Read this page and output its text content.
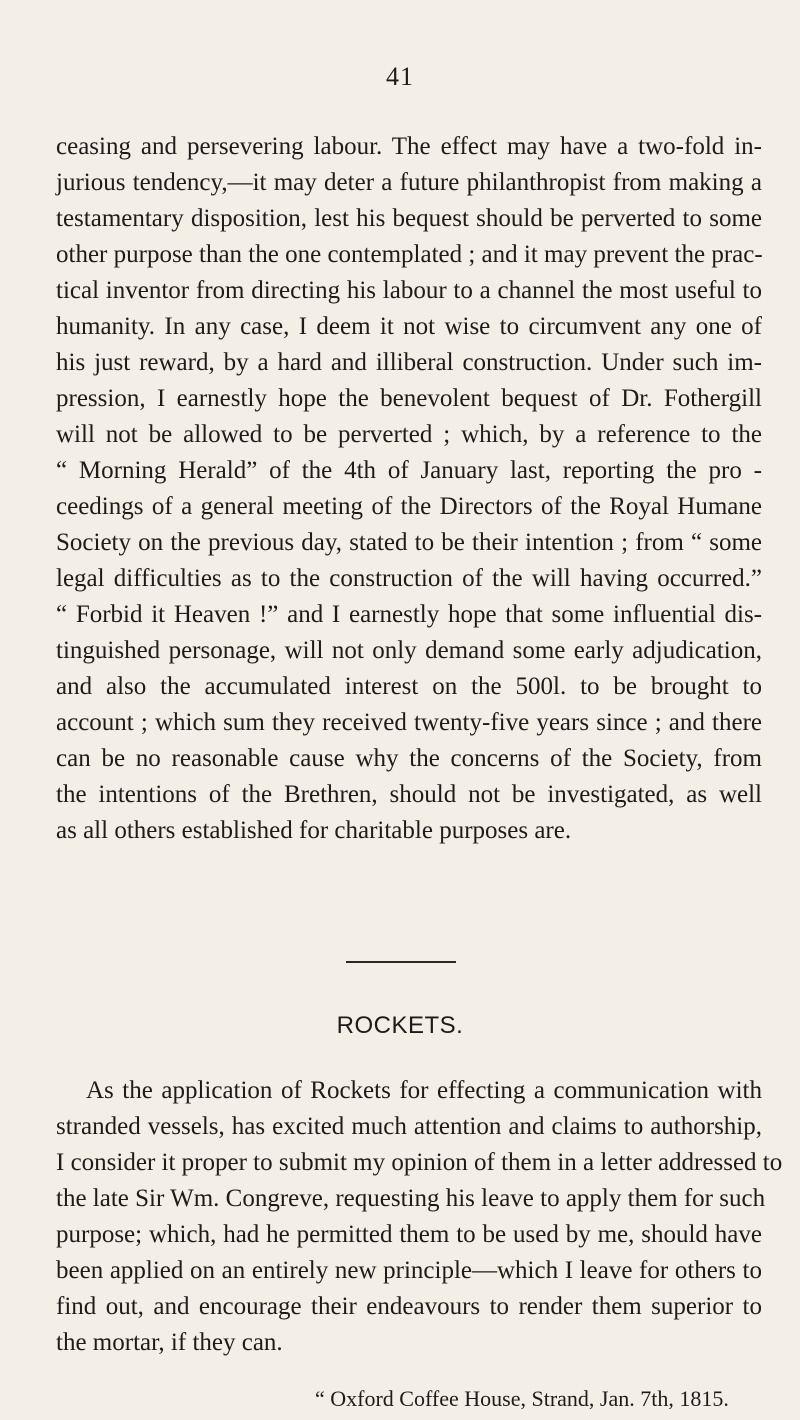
41
ceasing and persevering labour. The effect may have a two-fold in-
jurious tendency,—it may deter a future philanthropist from making a
testamentary disposition, lest his bequest should be perverted to some
other purpose than the one contemplated ; and it may prevent the prac-
tical inventor from directing his labour to a channel the most useful to
humanity. In any case, I deem it not wise to circumvent any one of
his just reward, by a hard and illiberal construction. Under such im-
pression, I earnestly hope the benevolent bequest of Dr. Fothergill
will not be allowed to be perverted ; which, by a reference to the
“ Morning Herald” of the 4th of January last, reporting the pro -
ceedings of a general meeting of the Directors of the Royal Humane
Society on the previous day, stated to be their intention ; from “ some
legal difficulties as to the construction of the will having occurred.”
“ Forbid it Heaven !” and I earnestly hope that some influential dis-
tinguished personage, will not only demand some early adjudication,
and also the accumulated interest on the 500l. to be brought to
account ; which sum they received twenty-five years since ; and there
can be no reasonable cause why the concerns of the Society, from
the intentions of the Brethren, should not be investigated, as well
as all others established for charitable purposes are.
ROCKETS.
As the application of Rockets for effecting a communication with
stranded vessels, has excited much attention and claims to authorship,
I consider it proper to submit my opinion of them in a letter addressed to
the late Sir Wm. Congreve, requesting his leave to apply them for such
purpose; which, had he permitted them to be used by me, should have
been applied on an entirely new principle—which I leave for others to
find out, and encourage their endeavours to render them superior to
the mortar, if they can.
“ Oxford Coffee House, Strand, Jan. 7th, 1815.
